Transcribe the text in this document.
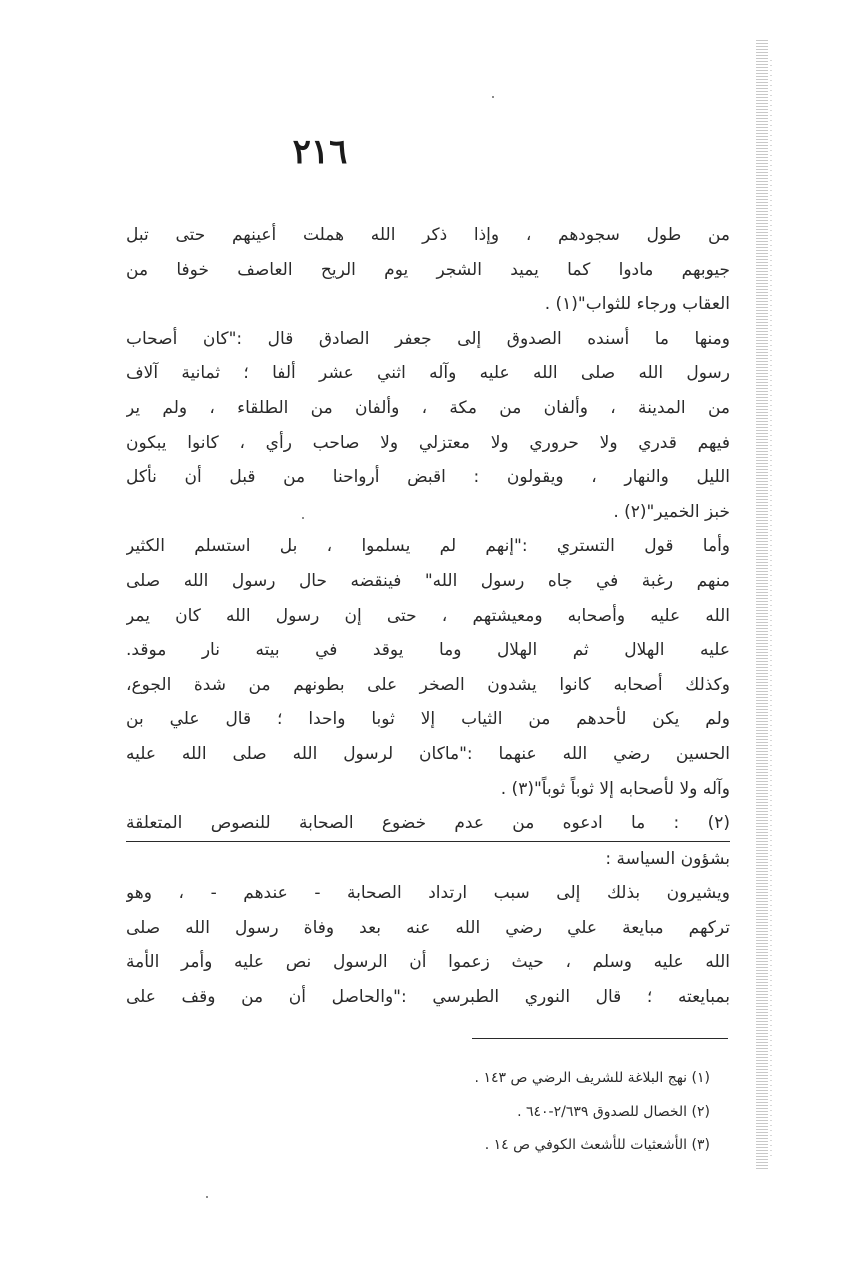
٢١٦
من طول سجودهم ، وإذا ذكر الله هملت أعينهم حتى تبل
جيوبهم مادوا كما يميد الشجر يوم الريح العاصف خوفا من
العقاب ورجاء للثواب"(١) .
ومنها ما أسنده الصدوق إلى جعفر الصادق قال :"كان أصحاب
رسول الله صلى الله عليه وآله اثني عشر ألفا ؛ ثمانية آلاف
من المدينة ، وألفان من مكة ، وألفان من الطلقاء ، ولم ير
فيهم قدري ولا حروري ولا معتزلي ولا صاحب رأي ، كانوا يبكون
الليل والنهار ، ويقولون : اقبض أرواحنا من قبل أن نأكل
خبز الخمير"(٢) .
وأما قول التستري :"إنهم لم يسلموا ، بل استسلم الكثير
منهم رغبة في جاه رسول الله" فينقضه حال رسول الله صلى
الله عليه وأصحابه ومعيشتهم ، حتى إن رسول الله كان يمر
عليه الهلال ثم الهلال وما يوقد في بيته نار موقد.
وكذلك أصحابه كانوا يشدون الصخر على بطونهم من شدة الجوع،
ولم يكن لأحدهم من الثياب إلا ثوبا واحدا ؛ قال علي بن
الحسين رضي الله عنهما :"ماكان لرسول الله صلى الله عليه
وآله ولا لأصحابه إلا ثوباً ثوباً"(٣) .
(٢) : ما ادعوه من عدم خضوع الصحابة للنصوص المتعلقة
بشؤون السياسة :
ويشيرون بذلك إلى سبب ارتداد الصحابة - عندهم - ، وهو
تركهم مبايعة علي رضي الله عنه بعد وفاة رسول الله صلى
الله عليه وسلم ، حيث زعموا أن الرسول نص عليه وأمر الأمة
بمبايعته ؛ قال النوري الطبرسي :"والحاصل أن من وقف على
(١) نهج البلاغة للشريف الرضي ص ١٤٣ .
(٢) الخصال للصدوق ٢/٦٣٩-٦٤٠ .
(٣) الأشعثيات للأشعث الكوفي ص ١٤ .
